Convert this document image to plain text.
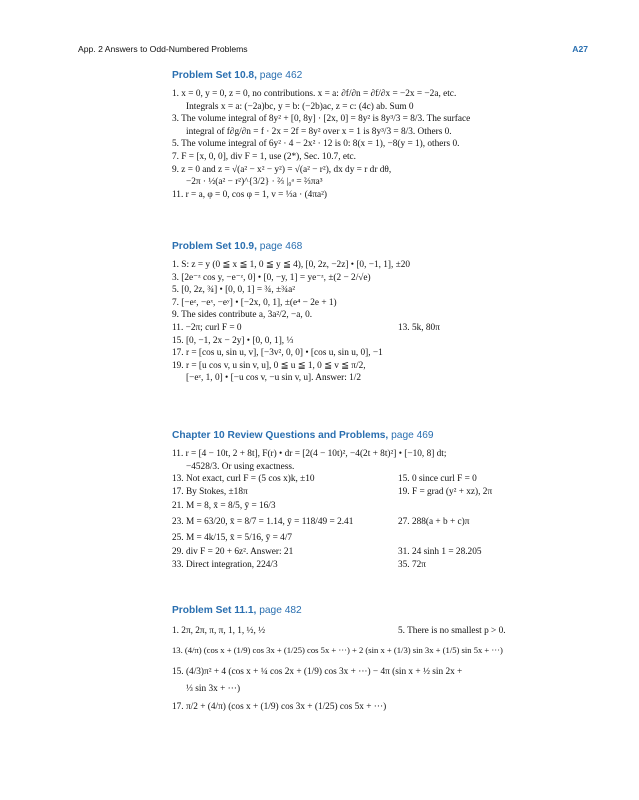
App. 2 Answers to Odd-Numbered Problems	A27
Problem Set 10.8, page 462
1. x = 0, y = 0, z = 0, no contributions. x = a: ∂f/∂n = ∂f/∂x = −2x = −2a, etc.
Integrals x = a: (−2a)bc, y = b: (−2b)ac, z = c: (4c) ab. Sum 0
3. The volume integral of 8y² + [0, 8y] · [2x, 0] = 8y² is 8y³/3 = 8/3. The surface
integral of f∂g/∂n = f · 2x = 2f = 8y² over x = 1 is 8y³/3 = 8/3. Others 0.
5. The volume integral of 6y² · 4 − 2x² · 12 is 0: 8(x = 1), −8(y = 1), others 0.
7. F = [x, 0, 0], div F = 1, use (2*), Sec. 10.7, etc.
9. z = 0 and z = √(a² − x² − y²) = √(a² − r²), dx dy = r dr dθ,
−2π · ½(a² − r²)^{3/2} · ⅔ |₀ᵃ = ⅔πa³
11. r = a, φ = 0, cos φ = 1, v = ⅓a · (4πa²)
Problem Set 10.9, page 468
1. S: z = y (0 ≦ x ≦ 1, 0 ≦ y ≦ 4), [0, 2z, −2z] • [0, −1, 1], ±20
3. [2e⁻ᶻ cos y, −e⁻ᶻ, 0] • [0, −y, 1] = ye⁻ᶻ, ±(2 − 2/√e)
5. [0, 2z, ¾] • [0, 0, 1] = ¾, ±¾a²
7. [−eᶻ, −eˣ, −eʸ] • [−2x, 0, 1], ±(e⁴ − 2e + 1)
9. The sides contribute a, 3a²/2, −a, 0.
11. −2π; curl F = 0	13. 5k, 80π
15. [0, −1, 2x − 2y] • [0, 0, 1], ⅓
17. r = [cos u, sin u, v], [−3v², 0, 0] • [cos u, sin u, 0], −1
19. r = [u cos v, u sin v, u], 0 ≦ u ≦ 1, 0 ≦ v ≦ π/2,
[−eᶻ, 1, 0] • [−u cos v, −u sin v, u]. Answer: 1/2
Chapter 10 Review Questions and Problems, page 469
11. r = [4 − 10t, 2 + 8t], F(r) • dr = [2(4 − 10t)², −4(2t + 8t)²] • [−10, 8] dt;
−4528/3. Or using exactness.
13. Not exact, curl F = (5 cos x)k, ±10	15. 0 since curl F = 0
17. By Stokes, ±18π	19. F = grad (y² + xz), 2π
21. M = 8, x̄ = 8/5, ȳ = 16/3
23. M = 63/20, x̄ = 8/7 = 1.14, ȳ = 118/49 = 2.41	27. 288(a + b + c)π
25. M = 4k/15, x̄ = 5/16, ȳ = 4/7
29. div F = 20 + 6z². Answer: 21	31. 24 sinh 1 = 28.205
33. Direct integration, 224/3	35. 72π
Problem Set 11.1, page 482
1. 2π, 2π, π, π, 1, 1, ½, ½	5. There is no smallest p > 0.
13. (4/π) (cos x + (1/9) cos 3x + (1/25) cos 5x + ···) + 2 (sin x + (1/3) sin 3x + (1/5) sin 5x + ···)
15. (4/3)π² + 4 (cos x + ¼ cos 2x + (1/9) cos 3x + ···) − 4π (sin x + ½ sin 2x +
⅓ sin 3x + ···)
17. π/2 + (4/π) (cos x + (1/9) cos 3x + (1/25) cos 5x + ···)
